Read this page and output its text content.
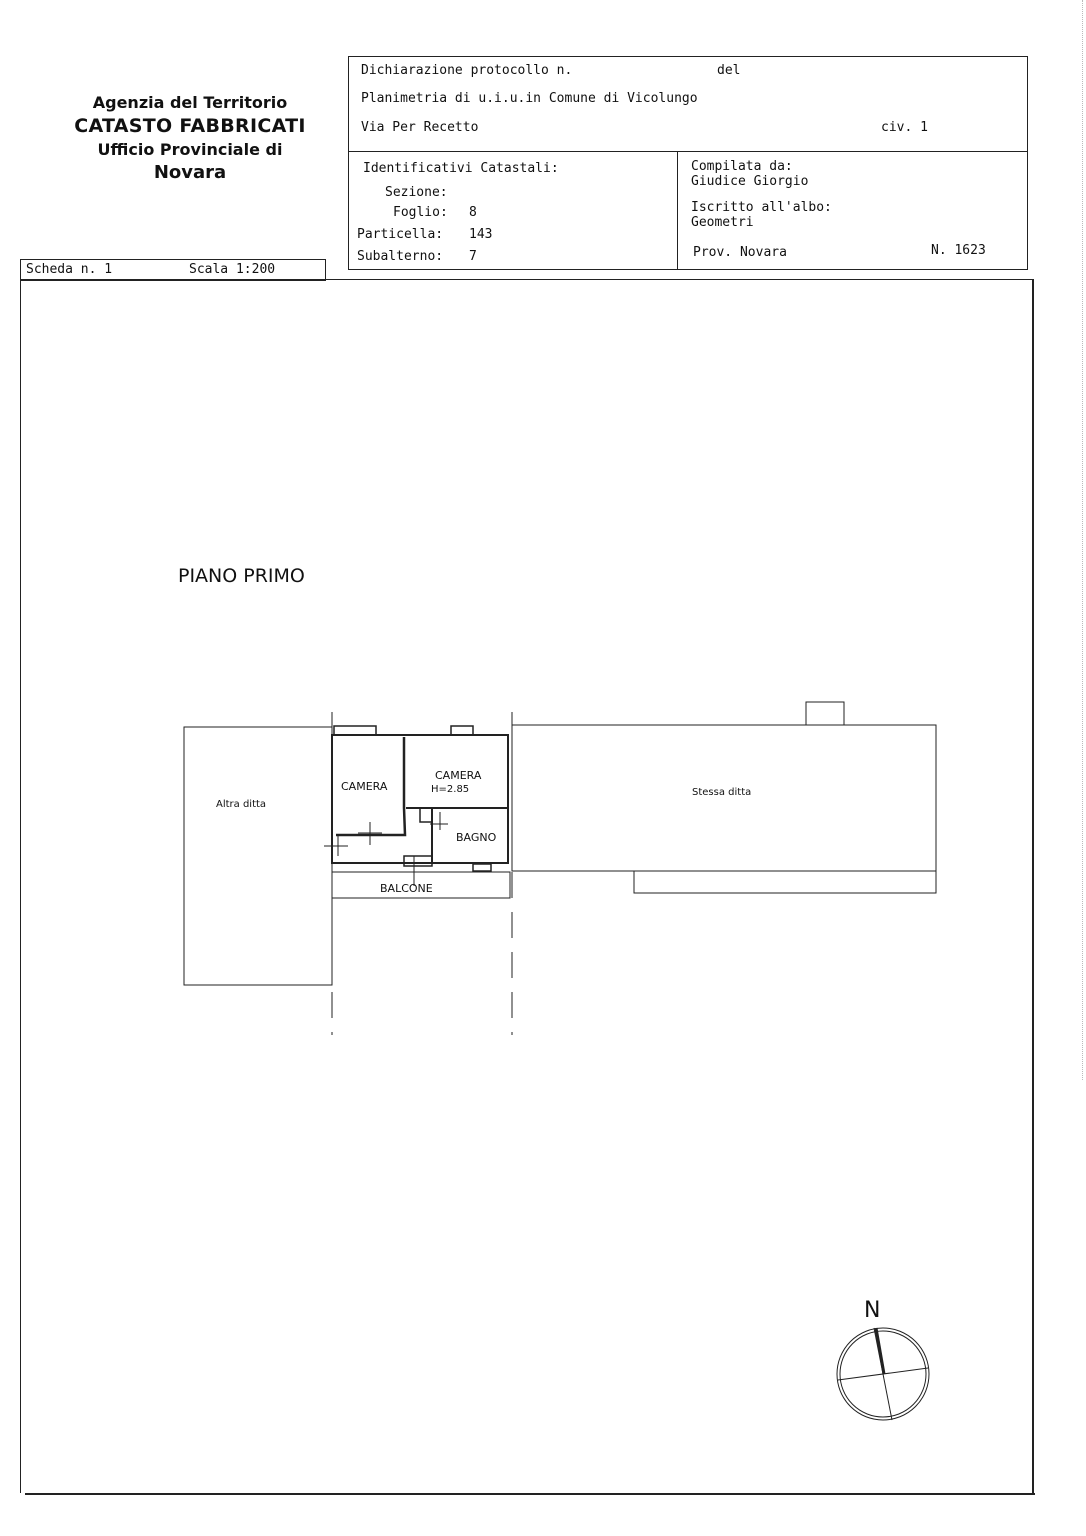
Agenzia del Territorio
CATASTO FABBRICATI
Ufficio Provinciale di
Novara
Dichiarazione protocollo n.	del
Planimetria di u.i.u.in Comune di Vicolungo
Via Per Recetto	civ. 1
Identificativi Catastali:
Sezione:
Foglio: 8
Particella: 143
Subalterno: 7
Compilata da:
Giudice Giorgio
Iscritto all'albo:
Geometri
Prov. Novara	N. 1623
Scheda n. 1	Scala 1:200
PIANO PRIMO
CAMERA
CAMERA
H=2.85
BAGNO
BALCONE
Altra ditta
Stessa ditta
N
